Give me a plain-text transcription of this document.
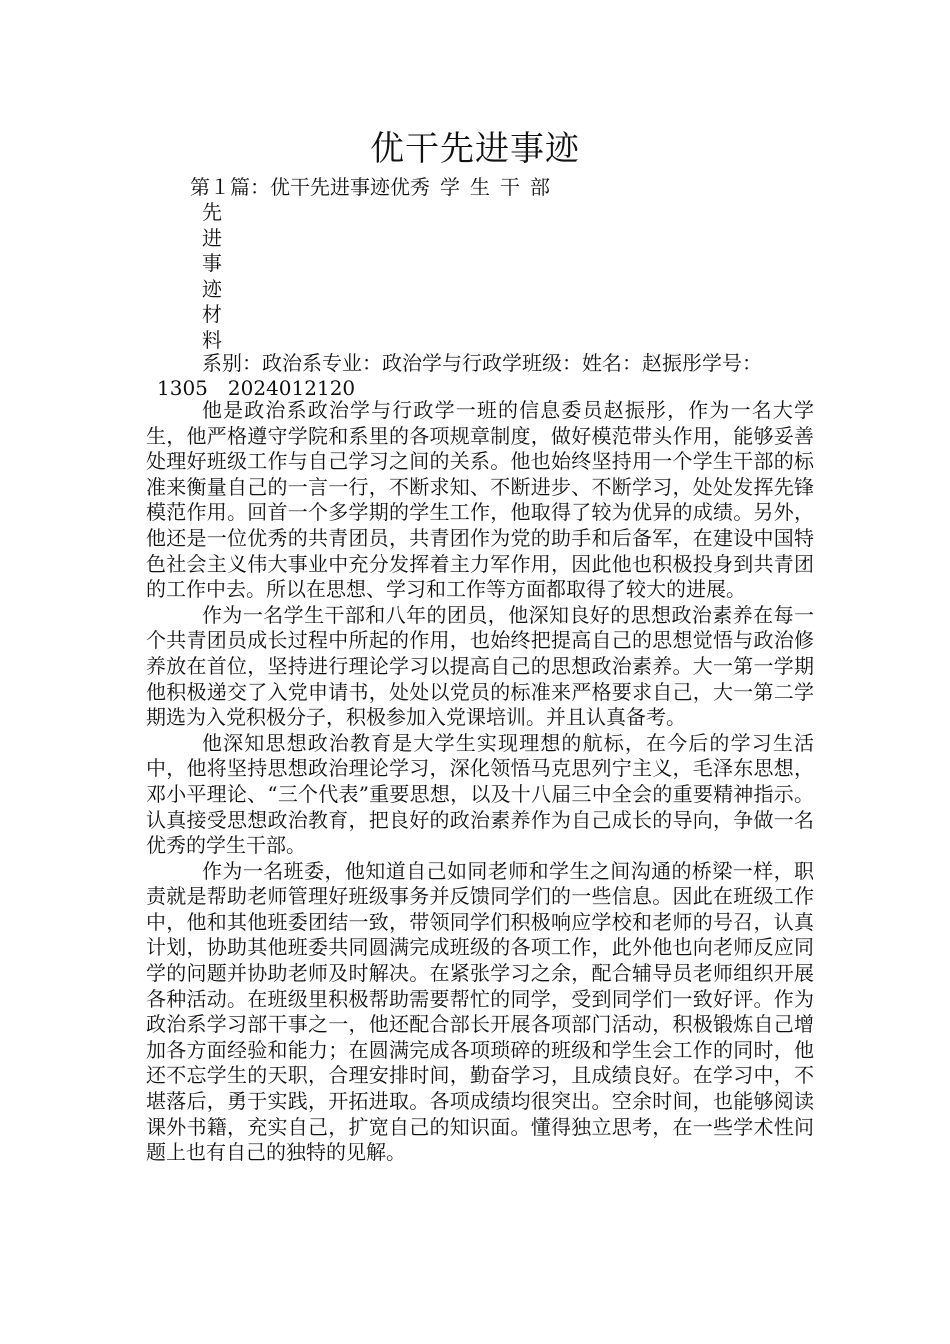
优干先进事迹
第１篇：优干先进事迹优秀学生干部
先
进
事
迹
材
料
系别：政治系专业：政治学与行政学班级：姓名：赵振彤学号：
1305 2024012120

他是政治系政治学与行政学一班的信息委员赵振彤，作为一名大学生，他严格遵守学院和系里的各项规章制度，做好模范带头作用，能够妥善处理好班级工作与自己学习之间的关系。他也始终坚持用一个学生干部的标准来衡量自己的一言一行，不断求知、不断进步、不断学习，处处发挥先锋模范作用。回首一个多学期的学生工作，他取得了较为优异的成绩。另外，他还是一位优秀的共青团员，共青团作为党的助手和后备军，在建设中国特色社会主义伟大事业中充分发挥着主力军作用，因此他也积极投身到共青团的工作中去。所以在思想、学习和工作等方面都取得了较大的进展。

作为一名学生干部和八年的团员，他深知良好的思想政治素养在每一个共青团员成长过程中所起的作用，也始终把提高自己的思想觉悟与政治修养放在首位，坚持进行理论学习以提高自己的思想政治素养。大一第一学期他积极递交了入党申请书，处处以党员的标准来严格要求自己，大一第二学期选为入党积极分子，积极参加入党课培训。并且认真备考。

他深知思想政治教育是大学生实现理想的航标，在今后的学习生活中，他将坚持思想政治理论学习，深化领悟马克思列宁主义，毛泽东思想，邓小平理论、“三个代表”重要思想，以及十八届三中全会的重要精神指示。认真接受思想政治教育，把良好的政治素养作为自己成长的导向，争做一名优秀的学生干部。

作为一名班委，他知道自己如同老师和学生之间沟通的桥梁一样，职责就是帮助老师管理好班级事务并反馈同学们的一些信息。因此在班级工作中，他和其他班委团结一致，带领同学们积极响应学校和老师的号召，认真计划，协助其他班委共同圆满完成班级的各项工作，此外他也向老师反应同学的问题并协助老师及时解决。在紧张学习之余，配合辅导员老师组织开展各种活动。在班级里积极帮助需要帮忙的同学，受到同学们一致好评。作为政治系学习部干事之一，他还配合部长开展各项部门活动，积极锻炼自己增加各方面经验和能力；在圆满完成各项琐碎的班级和学生会工作的同时，他还不忘学生的天职，合理安排时间，勤奋学习，且成绩良好。在学习中，不堪落后，勇于实践，开拓进取。各项成绩均很突出。空余时间，也能够阅读课外书籍，充实自己，扩宽自己的知识面。懂得独立思考，在一些学术性问题上也有自己的独特的见解。
